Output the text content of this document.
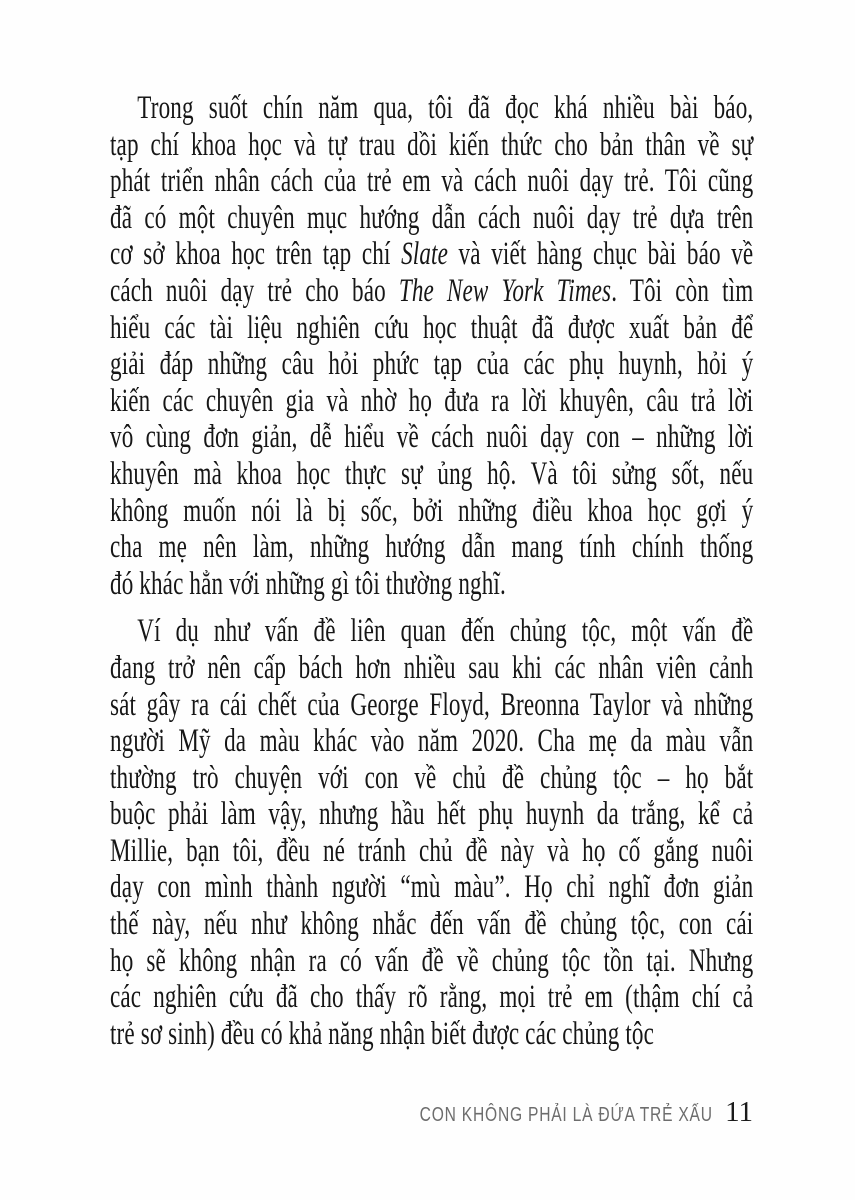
Trong suốt chín năm qua, tôi đã đọc khá nhiều bài báo,
tạp chí khoa học và tự trau dồi kiến thức cho bản thân về sự
phát triển nhân cách của trẻ em và cách nuôi dạy trẻ. Tôi cũng
đã có một chuyên mục hướng dẫn cách nuôi dạy trẻ dựa trên
cơ sở khoa học trên tạp chí Slate và viết hàng chục bài báo về
cách nuôi dạy trẻ cho báo The New York Times. Tôi còn tìm
hiểu các tài liệu nghiên cứu học thuật đã được xuất bản để
giải đáp những câu hỏi phức tạp của các phụ huynh, hỏi ý
kiến các chuyên gia và nhờ họ đưa ra lời khuyên, câu trả lời
vô cùng đơn giản, dễ hiểu về cách nuôi dạy con – những lời
khuyên mà khoa học thực sự ủng hộ. Và tôi sửng sốt, nếu
không muốn nói là bị sốc, bởi những điều khoa học gợi ý
cha mẹ nên làm, những hướng dẫn mang tính chính thống
đó khác hẳn với những gì tôi thường nghĩ.
Ví dụ như vấn đề liên quan đến chủng tộc, một vấn đề
đang trở nên cấp bách hơn nhiều sau khi các nhân viên cảnh
sát gây ra cái chết của George Floyd, Breonna Taylor và những
người Mỹ da màu khác vào năm 2020. Cha mẹ da màu vẫn
thường trò chuyện với con về chủ đề chủng tộc – họ bắt
buộc phải làm vậy, nhưng hầu hết phụ huynh da trắng, kể cả
Millie, bạn tôi, đều né tránh chủ đề này và họ cố gắng nuôi
dạy con mình thành người “mù màu”. Họ chỉ nghĩ đơn giản
thế này, nếu như không nhắc đến vấn đề chủng tộc, con cái
họ sẽ không nhận ra có vấn đề về chủng tộc tồn tại. Nhưng
các nghiên cứu đã cho thấy rõ rằng, mọi trẻ em (thậm chí cả
trẻ sơ sinh) đều có khả năng nhận biết được các chủng tộc
CON KHÔNG PHẢI LÀ ĐỨA TRẺ XẤU 11
